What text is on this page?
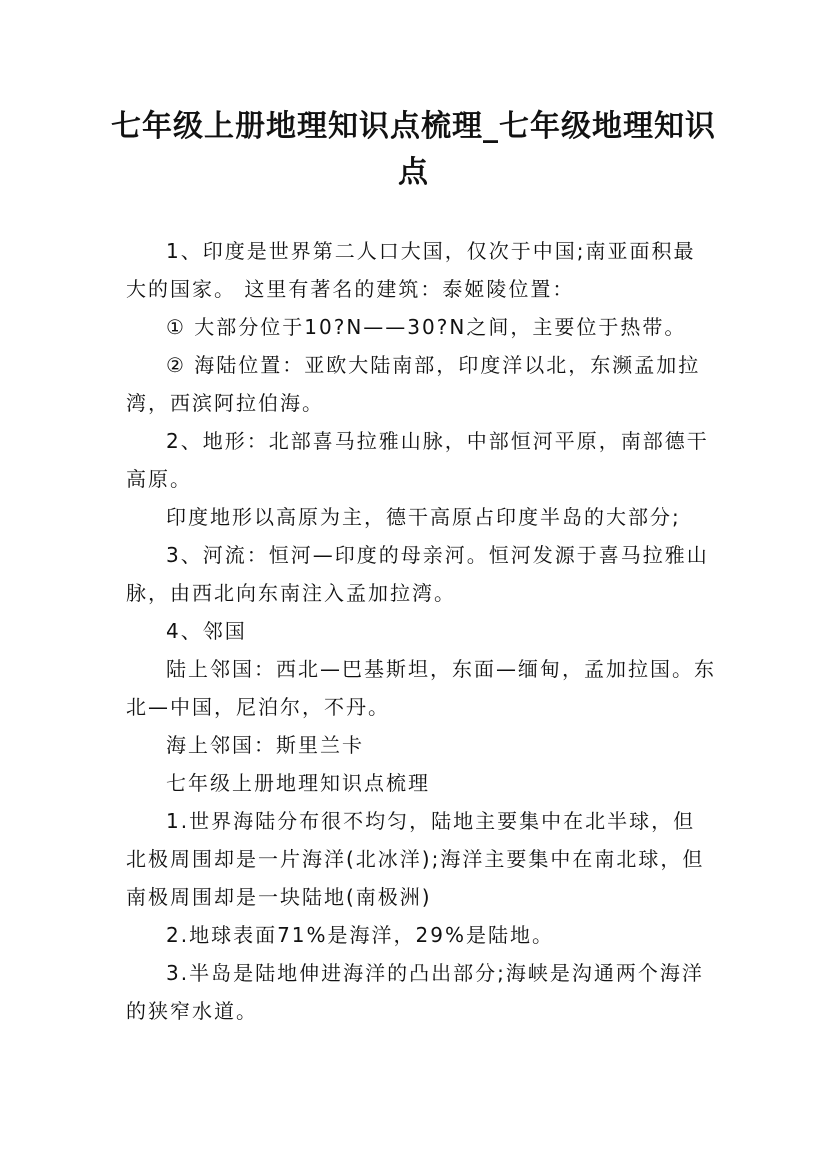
七年级上册地理知识点梳理_七年级地理知识点

1、印度是世界第二人口大国，仅次于中国;南亚面积最大的国家。 这里有著名的建筑：泰姬陵位置：

① 大部分位于10?N——30?N之间，主要位于热带。

② 海陆位置：亚欧大陆南部，印度洋以北，东濒孟加拉湾，西滨阿拉伯海。

2、地形：北部喜马拉雅山脉，中部恒河平原，南部德干高原。

印度地形以高原为主，德干高原占印度半岛的大部分;

3、河流：恒河—印度的母亲河。恒河发源于喜马拉雅山脉，由西北向东南注入孟加拉湾。

4、邻国

陆上邻国：西北—巴基斯坦，东面—缅甸，孟加拉国。东北—中国，尼泊尔，不丹。

海上邻国：斯里兰卡

七年级上册地理知识点梳理

1.世界海陆分布很不均匀，陆地主要集中在北半球，但北极周围却是一片海洋(北冰洋);海洋主要集中在南北球，但南极周围却是一块陆地(南极洲)

2.地球表面71%是海洋，29%是陆地。

3.半岛是陆地伸进海洋的凸出部分;海峡是沟通两个海洋的狭窄水道。
